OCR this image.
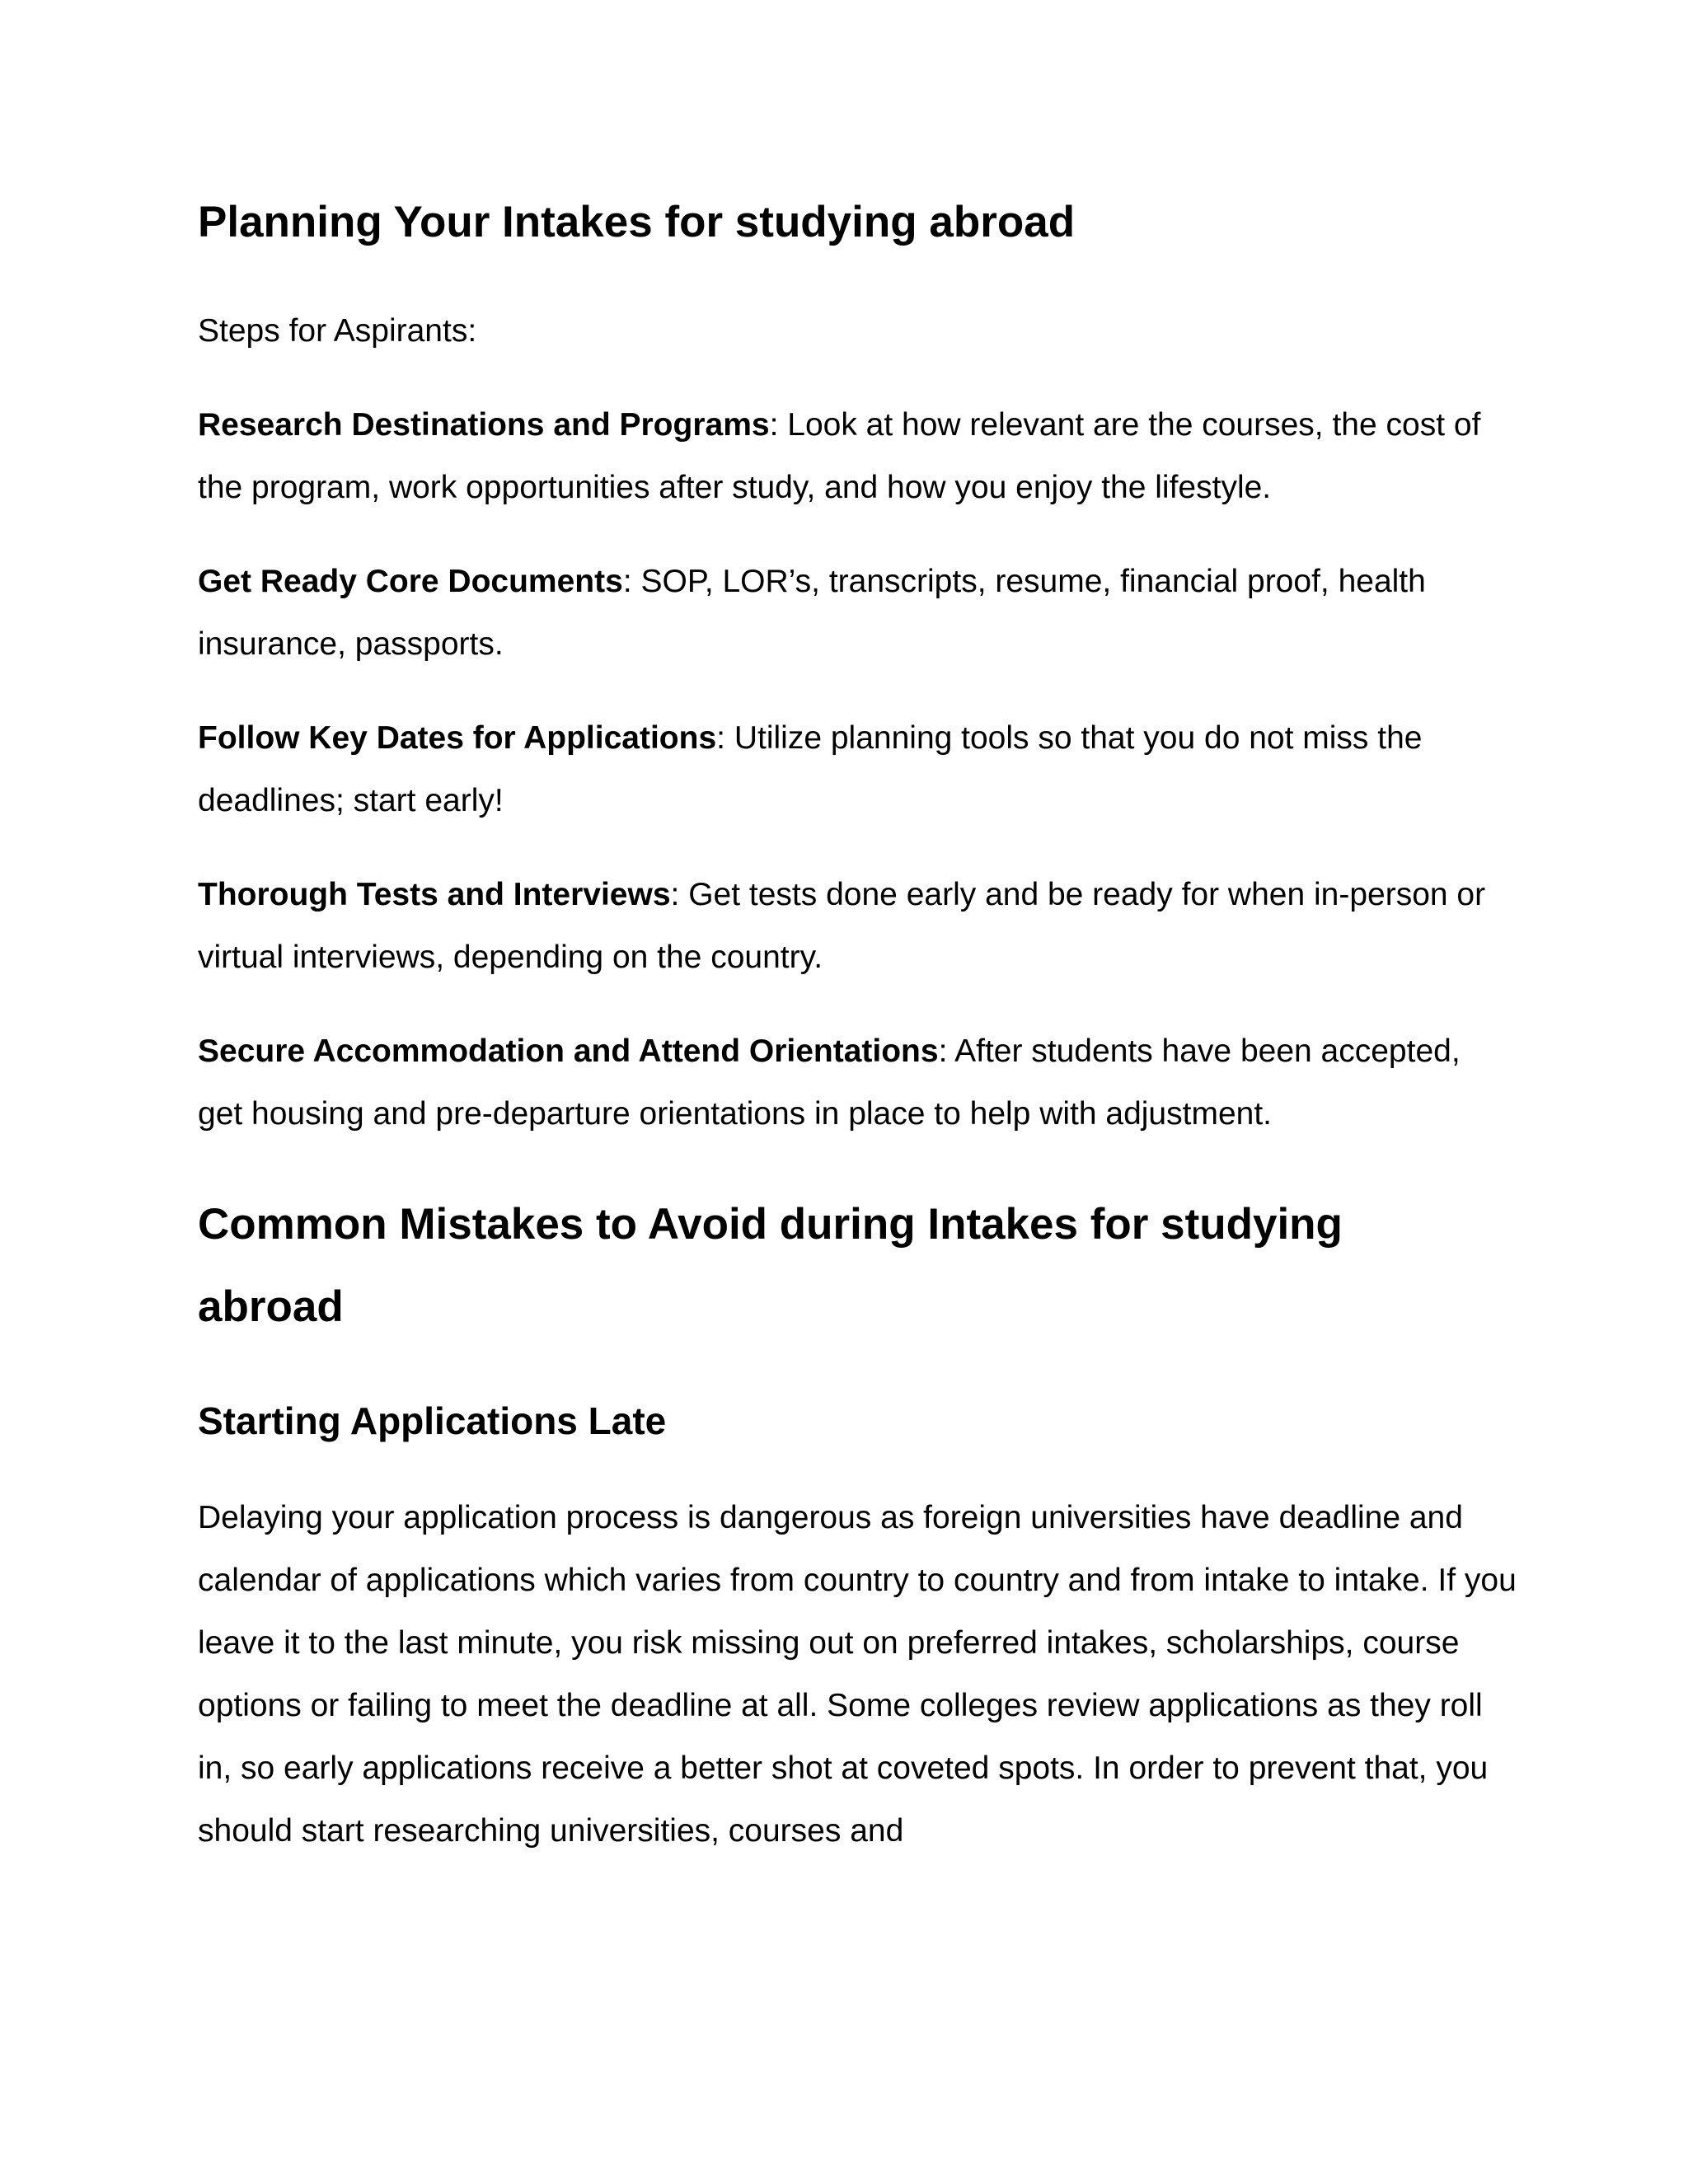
Planning Your Intakes for studying abroad

Steps for Aspirants:

Research Destinations and Programs: Look at how relevant are the courses, the cost of the program, work opportunities after study, and how you enjoy the lifestyle.

Get Ready Core Documents: SOP, LOR’s, transcripts, resume, financial proof, health insurance, passports.

Follow Key Dates for Applications: Utilize planning tools so that you do not miss the deadlines; start early!

Thorough Tests and Interviews: Get tests done early and be ready for when in-person or virtual interviews, depending on the country.

Secure Accommodation and Attend Orientations: After students have been accepted, get housing and pre-departure orientations in place to help with adjustment.

Common Mistakes to Avoid during Intakes for studying abroad
Starting Applications Late

Delaying your application process is dangerous as foreign universities have deadline and calendar of applications which varies from country to country and from intake to intake. If you leave it to the last minute, you risk missing out on preferred intakes, scholarships, course options or failing to meet the deadline at all. Some colleges review applications as they roll in, so early applications receive a better shot at coveted spots. In order to prevent that, you should start researching universities, courses and
